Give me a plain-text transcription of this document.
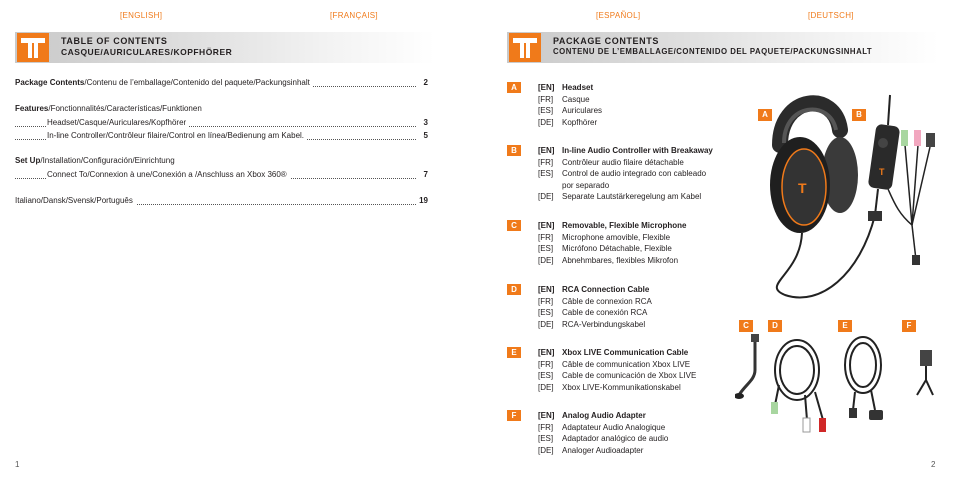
[ENGLISH]	[FRANÇAIS]
TABLE OF CONTENTS
CASQUE/AURICULARES/KOPFHÖRER
Package Contents/Contenu de l’emballage/Contenido del paquete/Packungsinhalt	2
Features/Fonctionnalités/Características/Funktionen
Headset/Casque/Auriculares/Kopfhörer	3
In-line Controller/Contrôleur filaire/Control en línea/Bedienung am Kabel.	5
Set Up/Installation/Configuración/Einrichtung
Connect To/Connexion à une/Conexión a /Anschluss an Xbox 360®	7
Italiano/Dansk/Svensk/Português	19
1
[ESPAÑOL]	[DEUTSCH]
PACKAGE CONTENTS
CONTENU DE L’EMBALLAGE/CONTENIDO DEL PAQUETE/PACKUNGSINHALT
A	[EN] Headset
[FR] Casque
[ES] Auriculares
[DE] Kopfhörer
B	[EN] In-line Audio Controller with Breakaway
[FR] Contrôleur audio filaire détachable
[ES] Control de audio integrado con cableado
por separado
[DE] Separate Lautstärkeregelung am Kabel
C	[EN] Removable, Flexible Microphone
[FR] Microphone amovible, Flexible
[ES] Micrófono Détachable, Flexible
[DE] Abnehmbares, flexibles Mikrofon
D	[EN] RCA Connection Cable
[FR] Câble de connexion RCA
[ES] Cable de conexión RCA
[DE] RCA-Verbindungskabel
E	[EN] Xbox LIVE Communication Cable
[FR] Câble de communication Xbox LIVE
[ES] Cable de comunicación de Xbox LIVE
[DE] Xbox LIVE-Kommunikationskabel
F	[EN] Analog Audio Adapter
[FR] Adaptateur Audio Analogique
[ES] Adaptador analógico de audio
[DE] Analoger Audioadapter
T
T
A	B
C	D	E	F
2
